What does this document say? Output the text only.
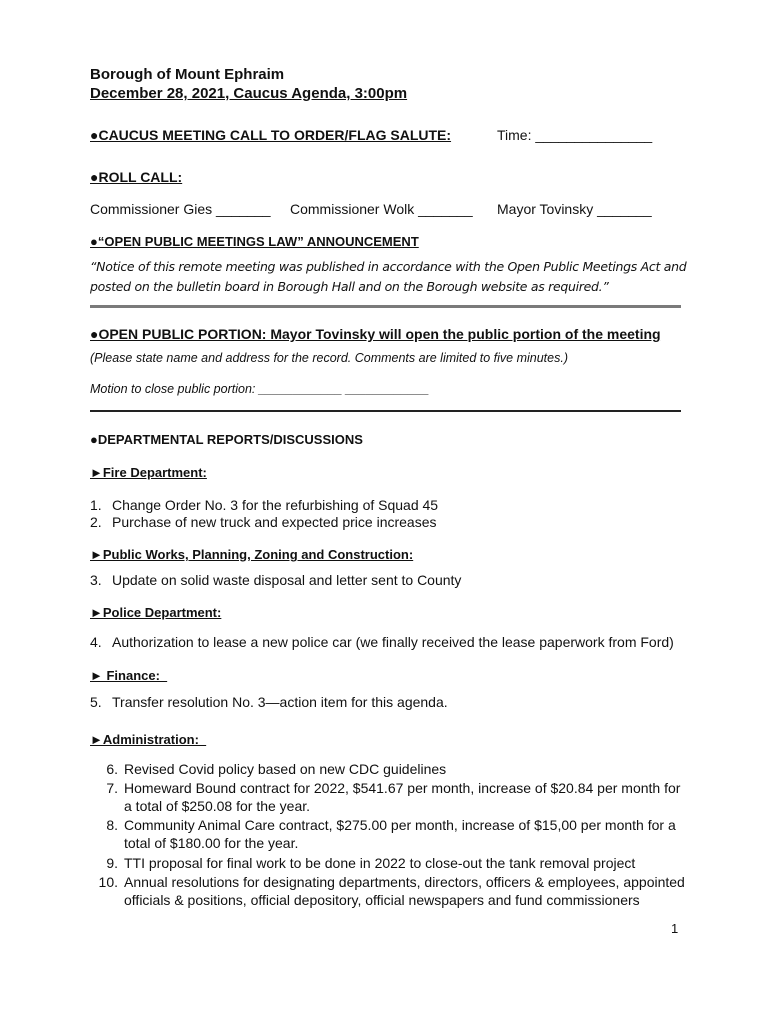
Borough of Mount Ephraim
December 28, 2021, Caucus Agenda, 3:00pm
●CAUCUS MEETING CALL TO ORDER/FLAG SALUTE:	Time: _______________
●ROLL CALL:
Commissioner Gies _______ Commissioner Wolk _______ Mayor Tovinsky _______
●“OPEN PUBLIC MEETINGS LAW” ANNOUNCEMENT
“Notice of this remote meeting was published in accordance with the Open Public Meetings Act and
posted on the bulletin board in Borough Hall and on the Borough website as required.”
●OPEN PUBLIC PORTION: Mayor Tovinsky will open the public portion of the meeting
(Please state name and address for the record. Comments are limited to five minutes.)
Motion to close public portion: ____________ ____________
●DEPARTMENTAL REPORTS/DISCUSSIONS
►Fire Department:
1. Change Order No. 3 for the refurbishing of Squad 45
2. Purchase of new truck and expected price increases
►Public Works, Planning, Zoning and Construction:
3. Update on solid waste disposal and letter sent to County
►Police Department:
4. Authorization to lease a new police car (we finally received the lease paperwork from Ford)
► Finance:
5. Transfer resolution No. 3—action item for this agenda.
►Administration:
6. Revised Covid policy based on new CDC guidelines
7. Homeward Bound contract for 2022, $541.67 per month, increase of $20.84 per month for
a total of $250.08 for the year.
8. Community Animal Care contract, $275.00 per month, increase of $15,00 per month for a
total of $180.00 for the year.
9. TTI proposal for final work to be done in 2022 to close-out the tank removal project
10. Annual resolutions for designating departments, directors, officers & employees, appointed
officials & positions, official depository, official newspapers and fund commissioners
1
